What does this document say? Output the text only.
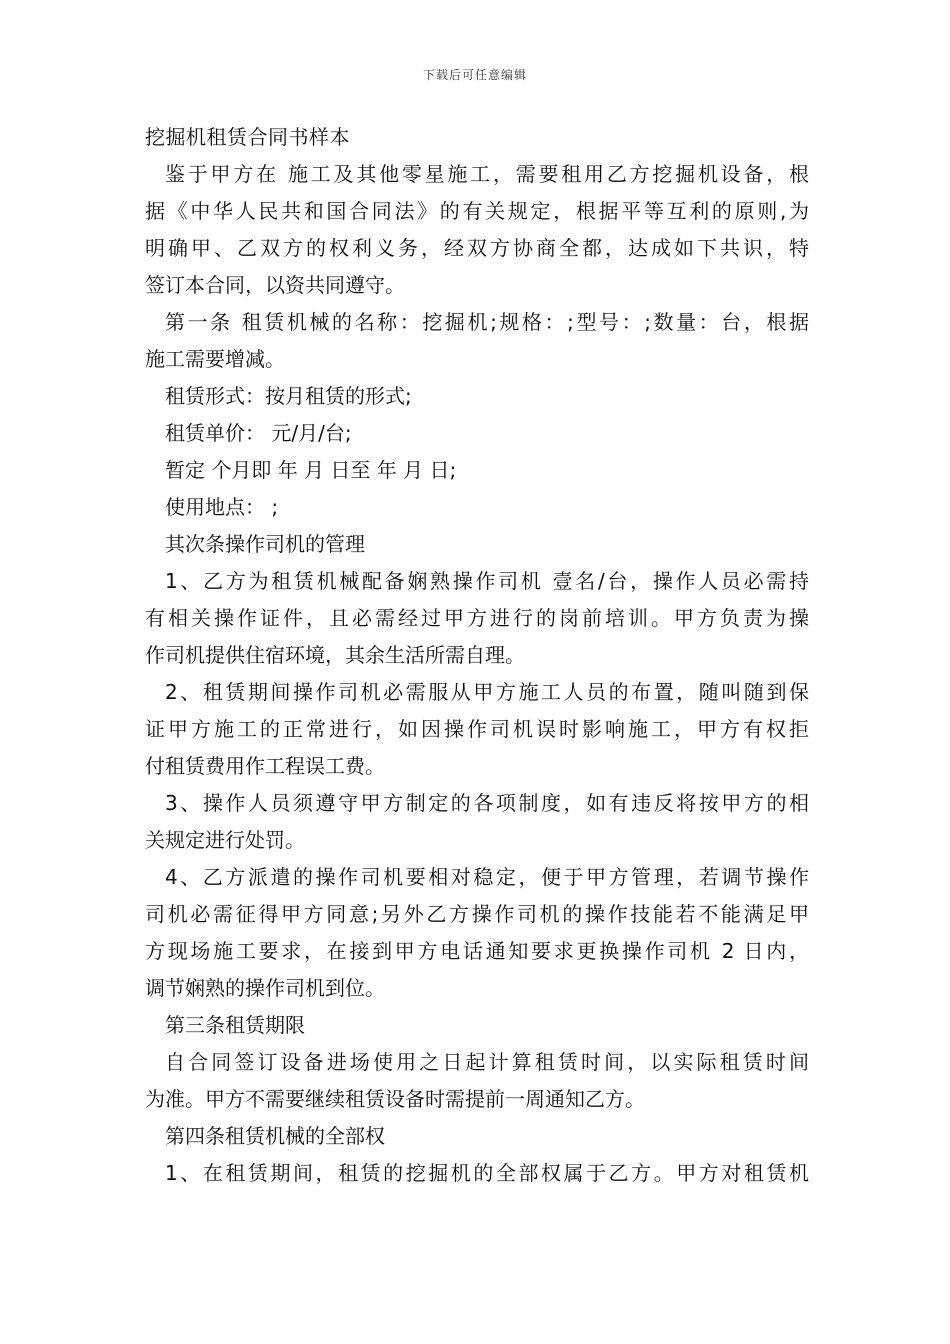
下载后可任意编辑
挖掘机租赁合同书样本
鉴于甲方在 施工及其他零星施工，需要租用乙方挖掘机设备，根
据《中华人民共和国合同法》的有关规定，根据平等互利的原则,为
明确甲、乙双方的权利义务，经双方协商全都，达成如下共识，特
签订本合同，以资共同遵守。
第一条 租赁机械的名称：挖掘机;规格：;型号：;数量：台，根据
施工需要增减。
租赁形式：按月租赁的形式;
租赁单价： 元/月/台;
暂定 个月即 年 月 日至 年 月 日;
使用地点： ;
其次条操作司机的管理
1、乙方为租赁机械配备娴熟操作司机 壹名/台，操作人员必需持
有相关操作证件，且必需经过甲方进行的岗前培训。甲方负责为操
作司机提供住宿环境，其余生活所需自理。
2、租赁期间操作司机必需服从甲方施工人员的布置，随叫随到保
证甲方施工的正常进行，如因操作司机误时影响施工，甲方有权拒
付租赁费用作工程误工费。
3、操作人员须遵守甲方制定的各项制度，如有违反将按甲方的相
关规定进行处罚。
4、乙方派遣的操作司机要相对稳定，便于甲方管理，若调节操作
司机必需征得甲方同意;另外乙方操作司机的操作技能若不能满足甲
方现场施工要求，在接到甲方电话通知要求更换操作司机 2 日内，
调节娴熟的操作司机到位。
第三条租赁期限
自合同签订设备进场使用之日起计算租赁时间，以实际租赁时间
为准。甲方不需要继续租赁设备时需提前一周通知乙方。
第四条租赁机械的全部权
1、在租赁期间，租赁的挖掘机的全部权属于乙方。甲方对租赁机
